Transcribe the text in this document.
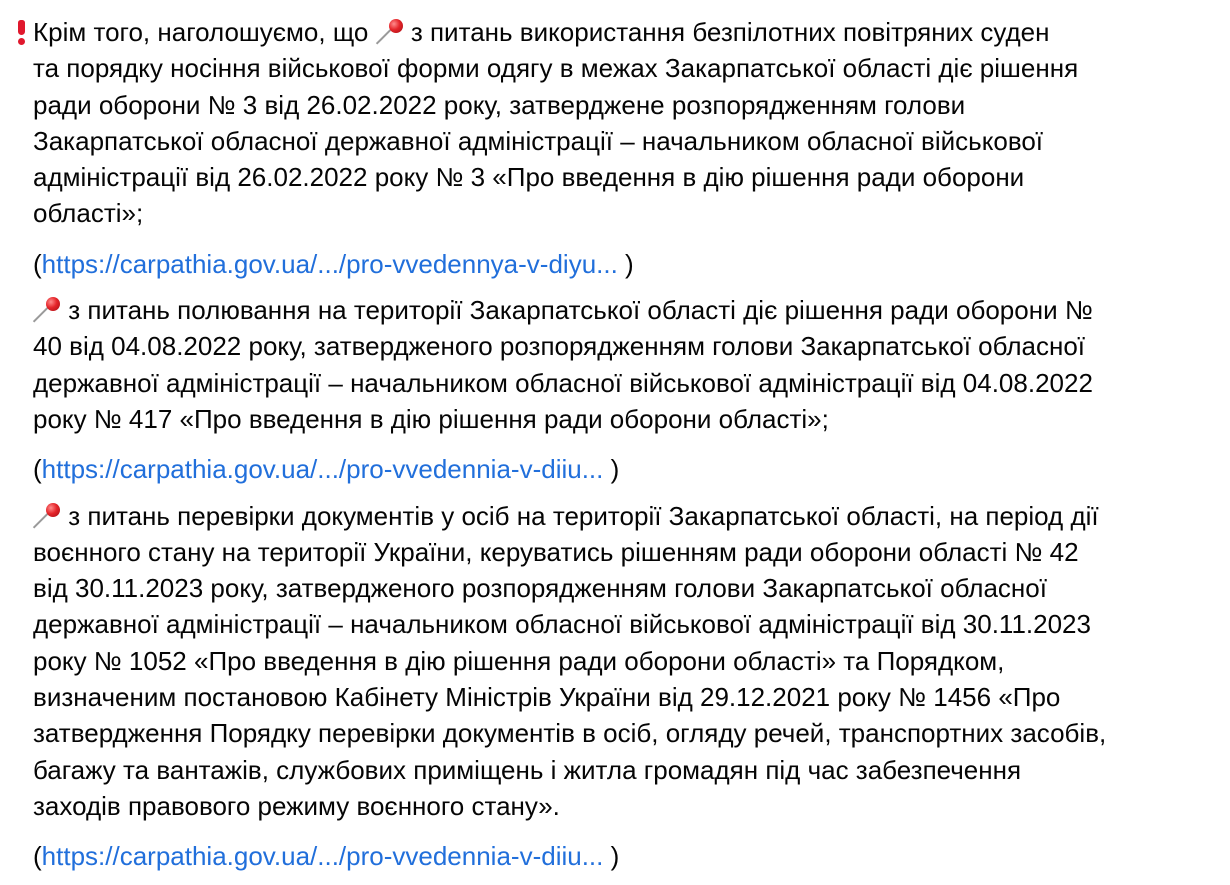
Крім того, наголошуємо, що
з питань використання безпілотних повітряних суден
та порядку носіння військової форми одягу в межах Закарпатської області діє рішення
ради оборони № 3 від 26.02.2022 року, затверджене розпорядженням голови
Закарпатської обласної державної адміністрації – начальником обласної військової
адміністрації від 26.02.2022 року № 3 «Про введення в дію рішення ради оборони
області»;
(https://carpathia.gov.ua/.../pro-vvedennya-v-diyu... )
з питань полювання на території Закарпатської області діє рішення ради оборони №
40 від 04.08.2022 року, затвердженого розпорядженням голови Закарпатської обласної
державної адміністрації – начальником обласної військової адміністрації від 04.08.2022
року № 417 «Про введення в дію рішення ради оборони області»;
(https://carpathia.gov.ua/.../pro-vvedennia-v-diiu... )
з питань перевірки документів у осіб на території Закарпатської області, на період дії
воєнного стану на території України, керуватись рішенням ради оборони області № 42
від 30.11.2023 року, затвердженого розпорядженням голови Закарпатської обласної
державної адміністрації – начальником обласної військової адміністрації від 30.11.2023
року № 1052 «Про введення в дію рішення ради оборони області» та Порядком,
визначеним постановою Кабінету Міністрів України від 29.12.2021 року № 1456 «Про
затвердження Порядку перевірки документів в осіб, огляду речей, транспортних засобів,
багажу та вантажів, службових приміщень і житла громадян під час забезпечення
заходів правового режиму воєнного стану».
(https://carpathia.gov.ua/.../pro-vvedennia-v-diiu... )
